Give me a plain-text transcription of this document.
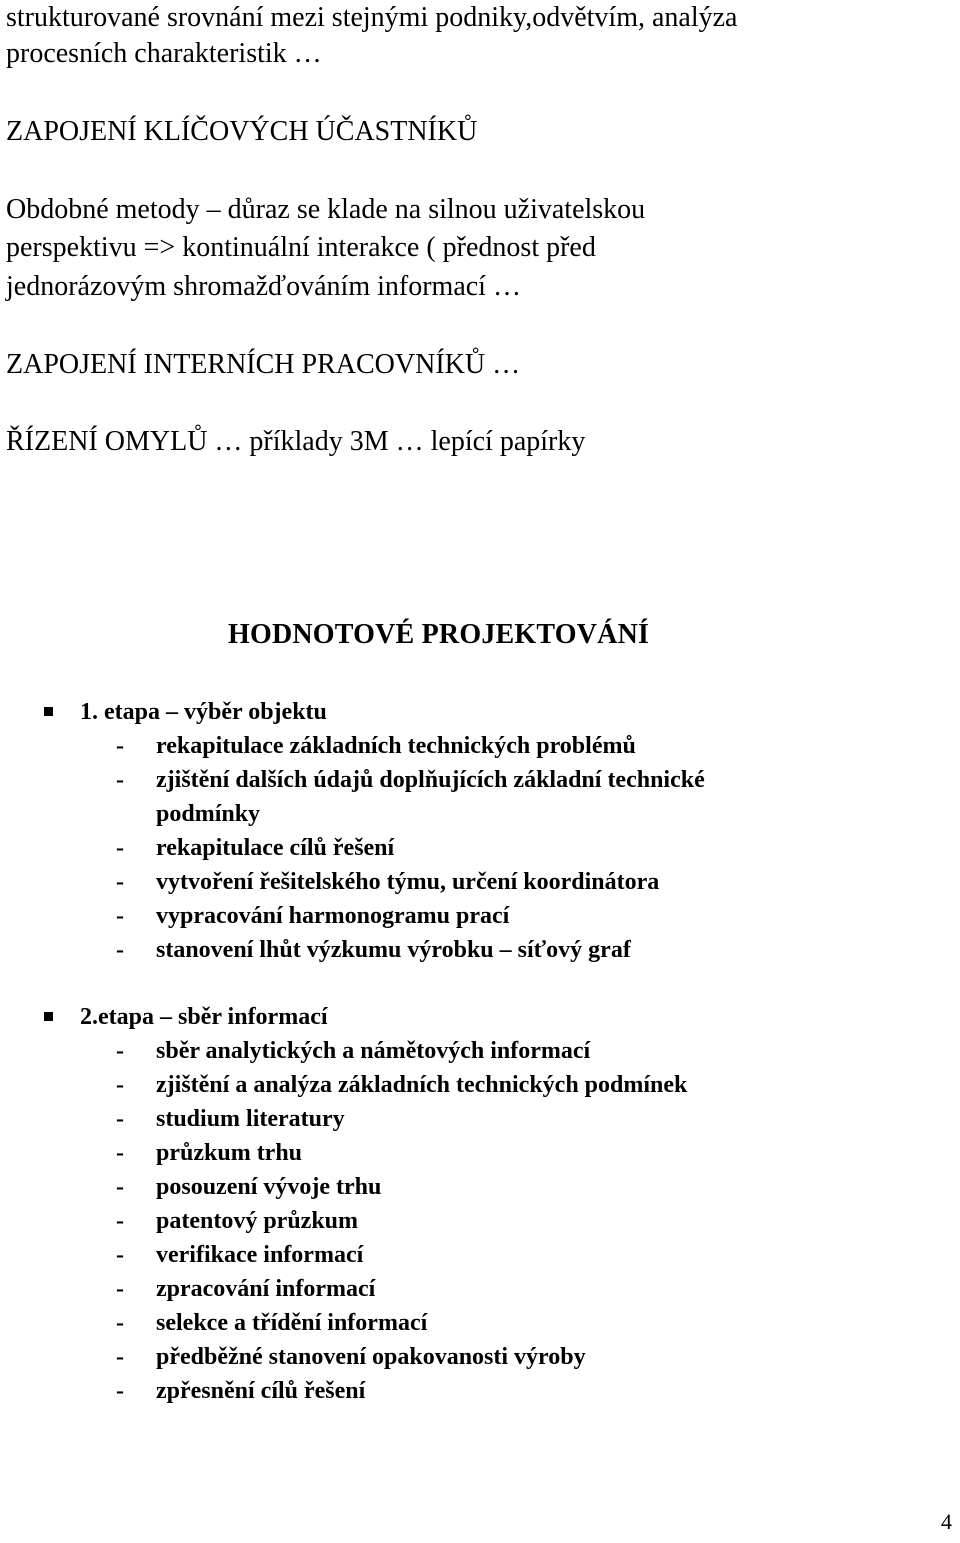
strukturované srovnání mezi stejnými podniky,odvětvím, analýza
procesních charakteristik …
ZAPOJENÍ KLÍČOVÝCH ÚČASTNÍKŮ
Obdobné metody – důraz se klade na silnou uživatelskou
perspektivu => kontinuální interakce ( přednost před
jednorázovým shromažďováním informací …
ZAPOJENÍ INTERNÍCH PRACOVNÍKŮ …
ŘÍZENÍ OMYLŮ … příklady 3M … lepící papírky
HODNOTOVÉ PROJEKTOVÁNÍ
1. etapa – výběr objektu
- rekapitulace základních technických problémů
- zjištění dalších údajů doplňujících základní technické
podmínky
- rekapitulace cílů řešení
- vytvoření řešitelského týmu, určení koordinátora
- vypracování harmonogramu prací
- stanovení lhůt výzkumu výrobku – síťový graf
2.etapa – sběr informací
- sběr analytických a námětových informací
- zjištění a analýza základních technických podmínek
- studium literatury
- průzkum trhu
- posouzení vývoje trhu
- patentový průzkum
- verifikace informací
- zpracování informací
- selekce a třídění informací
- předběžné stanovení opakovanosti výroby
- zpřesnění cílů řešení
4
